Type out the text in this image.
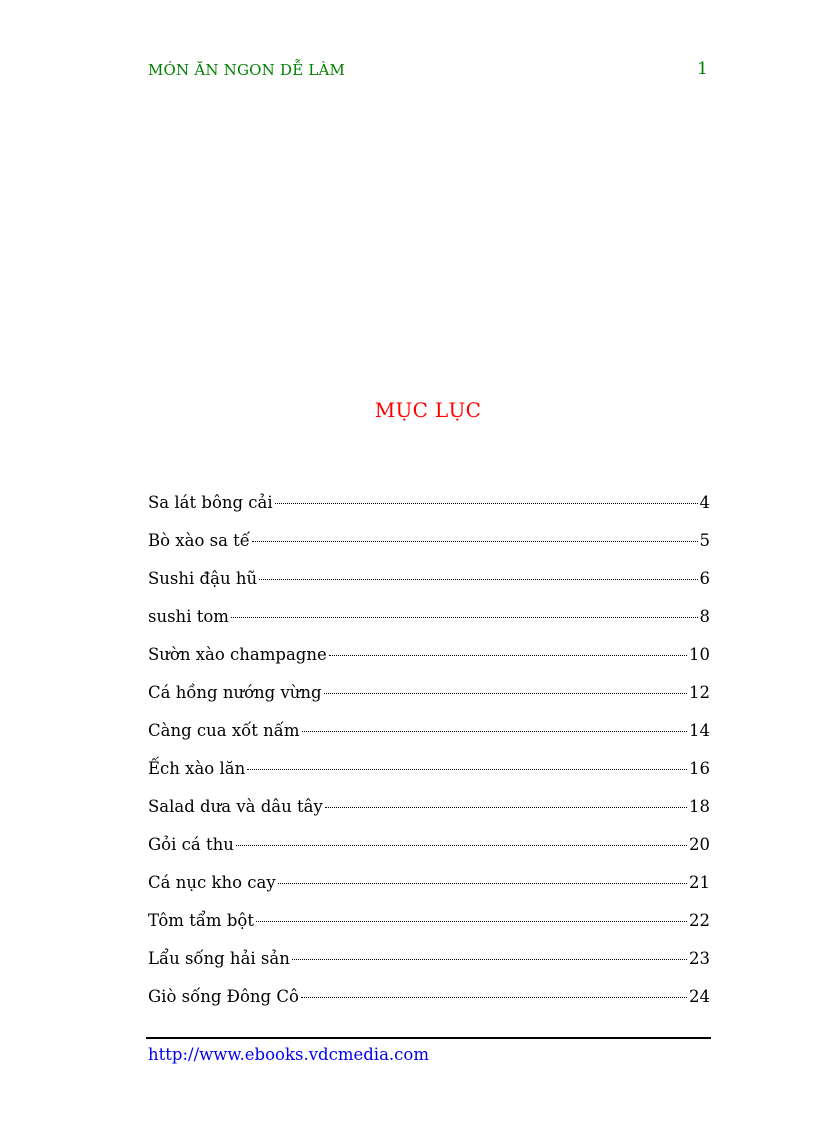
MÓN ĂN NGON DỄ LÀM	1
MỤC LỤC
Sa lát bông cải	4
Bò xào sa tế	5
Sushi đậu hũ	6
sushi tom	8
Sườn xào champagne	10
Cá hồng nướng vừng	12
Càng cua xốt nấm	14
Ếch xào lăn	16
Salad dưa và dâu tây	18
Gỏi cá thu	20
Cá nục kho cay	21
Tôm tẩm bột	22
Lẩu sống hải sản	23
Giò sống Đông Cô	24
http://www.ebooks.vdcmedia.com
